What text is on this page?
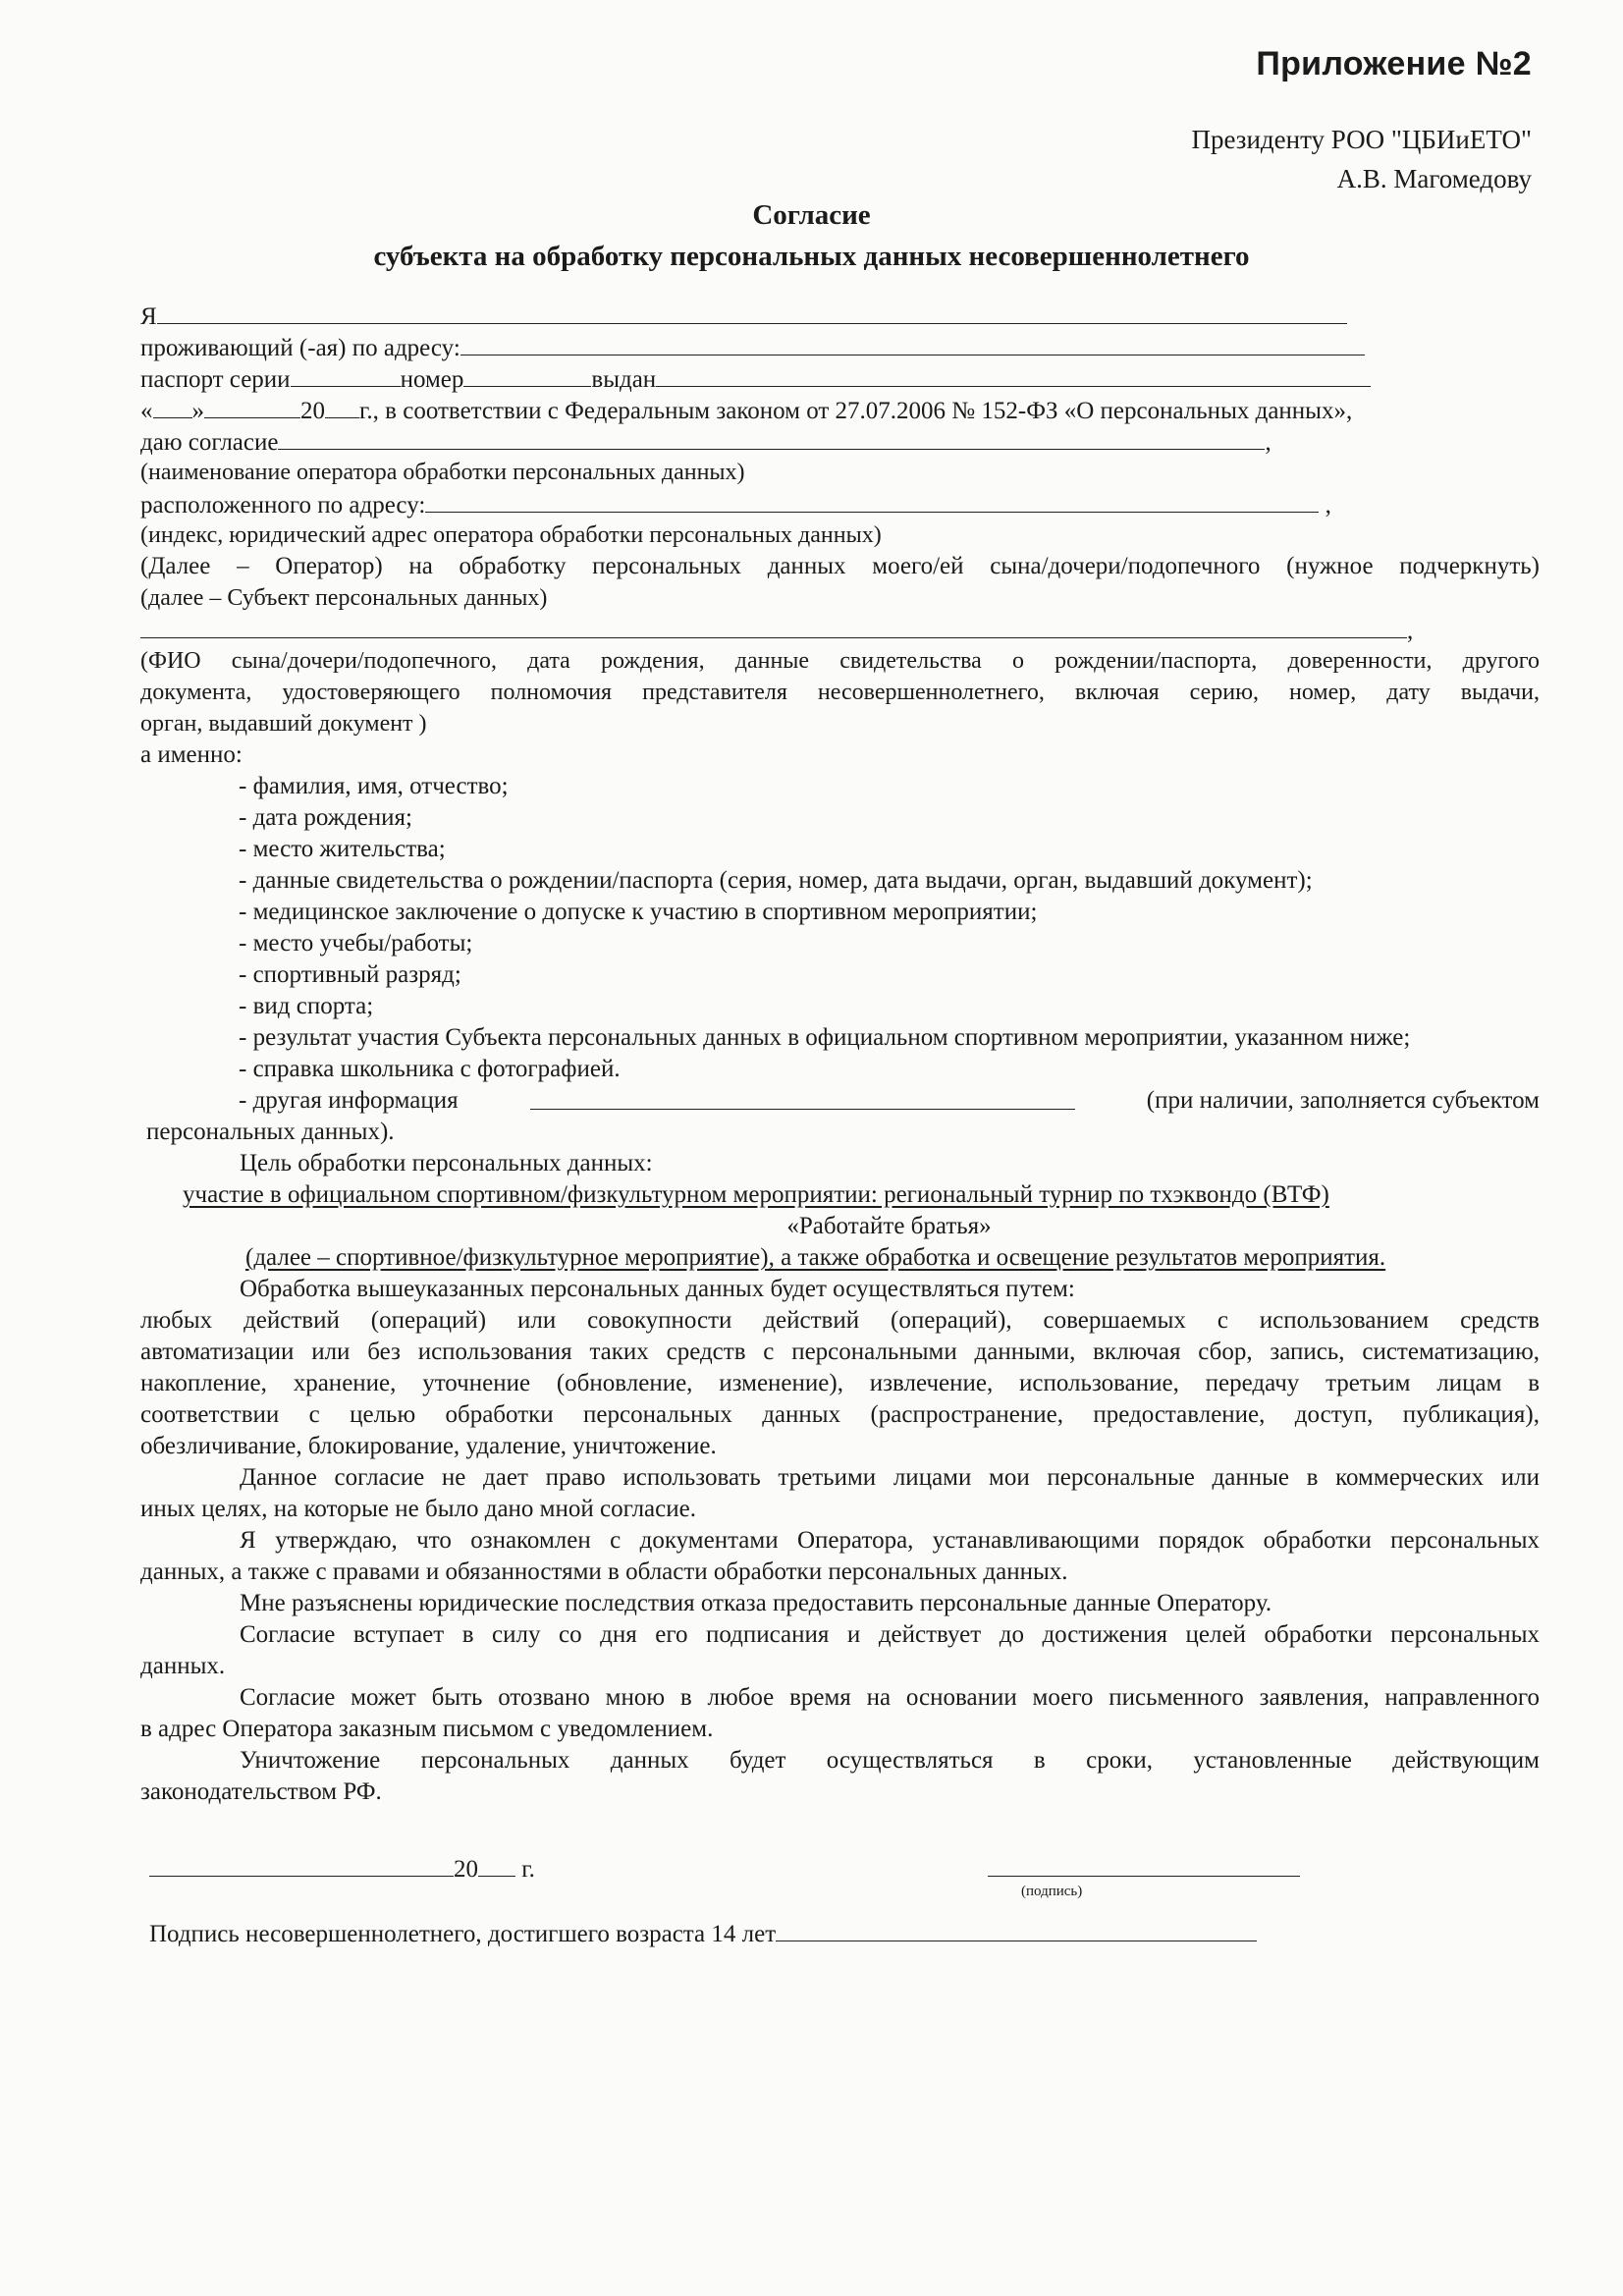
Приложение №2
Президенту РОО "ЦБИиЕТО"
А.В. Магомедову
Согласие
субъекта на обработку персональных данных несовершеннолетнего
Я
проживающий (-ая) по адресу:
паспорт серии	номер	выдан
« »	20 г., в соответствии с Федеральным законом от 27.07.2006 № 152-ФЗ «О персональных данных»,
даю согласие	,
(наименование оператора обработки персональных данных)
расположенного по адресу:	,
(индекс, юридический адрес оператора обработки персональных данных)
(Далее – Оператор) на обработку персональных данных моего/ей сына/дочери/подопечного (нужное подчеркнуть)
(далее – Субъект персональных данных)
,
(ФИО сына/дочери/подопечного, дата рождения, данные свидетельства о рождении/паспорта, доверенности, другого
документа, удостоверяющего полномочия представителя несовершеннолетнего, включая серию, номер, дату выдачи,
орган, выдавший документ )
а именно:
- фамилия, имя, отчество;
- дата рождения;
- место жительства;
- данные свидетельства о рождении/паспорта (серия, номер, дата выдачи, орган, выдавший документ);
- медицинское заключение о допуске к участию в спортивном мероприятии;
- место учебы/работы;
- спортивный разряд;
- вид спорта;
- результат участия Субъекта персональных данных в официальном спортивном мероприятии, указанном ниже;
- справка школьника с фотографией.
- другая информация	(при наличии, заполняется субъектом
персональных данных).
Цель обработки персональных данных:
участие в официальном спортивном/физкультурном мероприятии: региональный турнир по тхэквондо (ВТФ)
«Работайте братья»
(далее – спортивное/физкультурное мероприятие), а также обработка и освещение результатов мероприятия.
Обработка вышеуказанных персональных данных будет осуществляться путем:
любых действий (операций) или совокупности действий (операций), совершаемых с использованием средств
автоматизации или без использования таких средств с персональными данными, включая сбор, запись, систематизацию,
накопление, хранение, уточнение (обновление, изменение), извлечение, использование, передачу третьим лицам в
соответствии с целью обработки персональных данных (распространение, предоставление, доступ, публикация),
обезличивание, блокирование, удаление, уничтожение.
Данное согласие не дает право использовать третьими лицами мои персональные данные в коммерческих или
иных целях, на которые не было дано мной согласие.
Я утверждаю, что ознакомлен с документами Оператора, устанавливающими порядок обработки персональных
данных, а также с правами и обязанностями в области обработки персональных данных.
Мне разъяснены юридические последствия отказа предоставить персональные данные Оператору.
Согласие вступает в силу со дня его подписания и действует до достижения целей обработки персональных
данных.
Согласие может быть отозвано мною в любое время на основании моего письменного заявления, направленного
в адрес Оператора заказным письмом с уведомлением.
Уничтожение персональных данных будет осуществляться в сроки, установленные действующим
законодательством РФ.
20 г.
(подпись)
Подпись несовершеннолетнего, достигшего возраста 14 лет
